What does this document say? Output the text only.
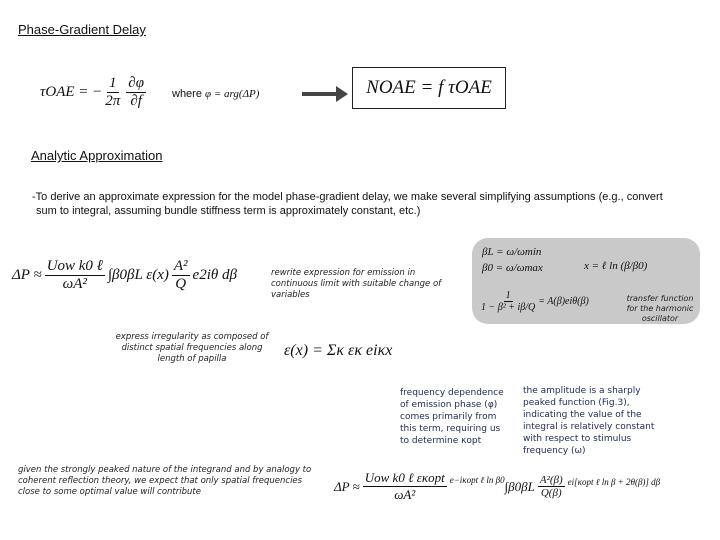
Phase-Gradient Delay
τOAE = − $\frac{1}{2\pi} \frac{\partial\varphi}{\partial f}$ where φ = arg(ΔP)	NOAE = f τOAE
Analytic Approximation
-To derive an approximate expression for the model phase-gradient delay, we make several simplifying assumptions (e.g., convert sum to integral, assuming bundle stiffness term is approximately constant, etc.)
$\Delta P \approx \frac{\text{Uow k0 ℓ}}{\text{ωA²}} \int\beta 0\beta L$ $\varepsilon(x) \frac{\text{A²}}{Q} e2i\theta$ dβ	rewrite expression for emission in continuous limit with suitable change of variables
βL = ω/ωmin
β0 = ω/ωmax	x = ℓ ln (β/β0)
$\frac{1}{\text{1 − β² + iβ/Q}} = A(\beta)ei\theta(\beta)$	transfer function for the harmonic oscillator
express irregularity as composed of distinct spatial frequencies along length of papilla	ε(x) = Σκ εκ eiκx
frequency dependence of emission phase (φ) comes primarily from this term, requiring us to determine κopt
the amplitude is a sharply peaked function (Fig.3), indicating the value of the integral is relatively constant with respect to stimulus frequency (ω)
given the strongly peaked nature of the integrand and by analogy to coherent reflection theory, we expect that only spatial frequencies close to some optimal value will contribute	$\Delta P \approx \frac{\text{Uow k0 ℓ εκopt}}{\text{ωA²}} e-i\kappa opt$ ℓ ln β0 $\int\beta 0\beta L \frac{\text{A²(β)}}{Q(\beta)} ei[\kappa opt$ ℓ ln β + 2θ(β)] dβ
